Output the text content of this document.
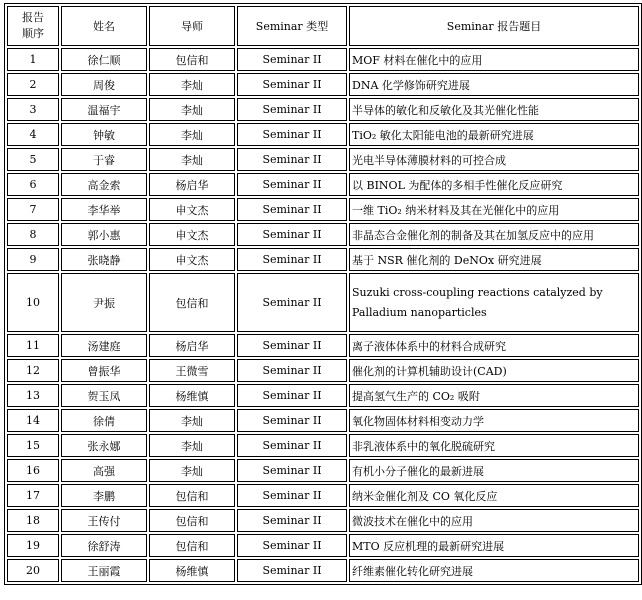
报告
顺序	姓名	导师	Seminar 类型	Seminar 报告题目
1	徐仁顺	包信和	Seminar II	MOF 材料在催化中的应用
2	周俊	李灿	Seminar II	DNA 化学修饰研究进展
3	温福宇	李灿	Seminar II	半导体的敏化和反敏化及其光催化性能
4	钟敏	李灿	Seminar II	TiO₂ 敏化太阳能电池的最新研究进展
5	于睿	李灿	Seminar II	光电半导体薄膜材料的可控合成
6	高金索	杨启华	Seminar II	以 BINOL 为配体的多相手性催化反应研究
7	李华举	申文杰	Seminar II	一维 TiO₂ 纳米材料及其在光催化中的应用
8	郭小惠	申文杰	Seminar II	非晶态合金催化剂的制备及其在加氢反应中的应用
9	张晓静	申文杰	Seminar II	基于 NSR 催化剂的 DeNOx 研究进展
10	尹振	包信和	Seminar II	Suzuki cross-coupling reactions catalyzed by Palladium nanoparticles
11	汤建庭	杨启华	Seminar II	离子液体体系中的材料合成研究
12	曾振华	王微雪	Seminar II	催化剂的计算机辅助设计(CAD)
13	贺玉凤	杨维慎	Seminar II	提高氢气生产的 CO₂ 吸附
14	徐倩	李灿	Seminar II	氧化物固体材料相变动力学
15	张永娜	李灿	Seminar II	非乳液体系中的氧化脱硫研究
16	高强	李灿	Seminar II	有机小分子催化的最新进展
17	李鹏	包信和	Seminar II	纳米金催化剂及 CO 氧化反应
18	王传付	包信和	Seminar II	微波技术在催化中的应用
19	徐舒涛	包信和	Seminar II	MTO 反应机理的最新研究进展
20	王丽霞	杨维慎	Seminar II	纤维素催化转化研究进展
